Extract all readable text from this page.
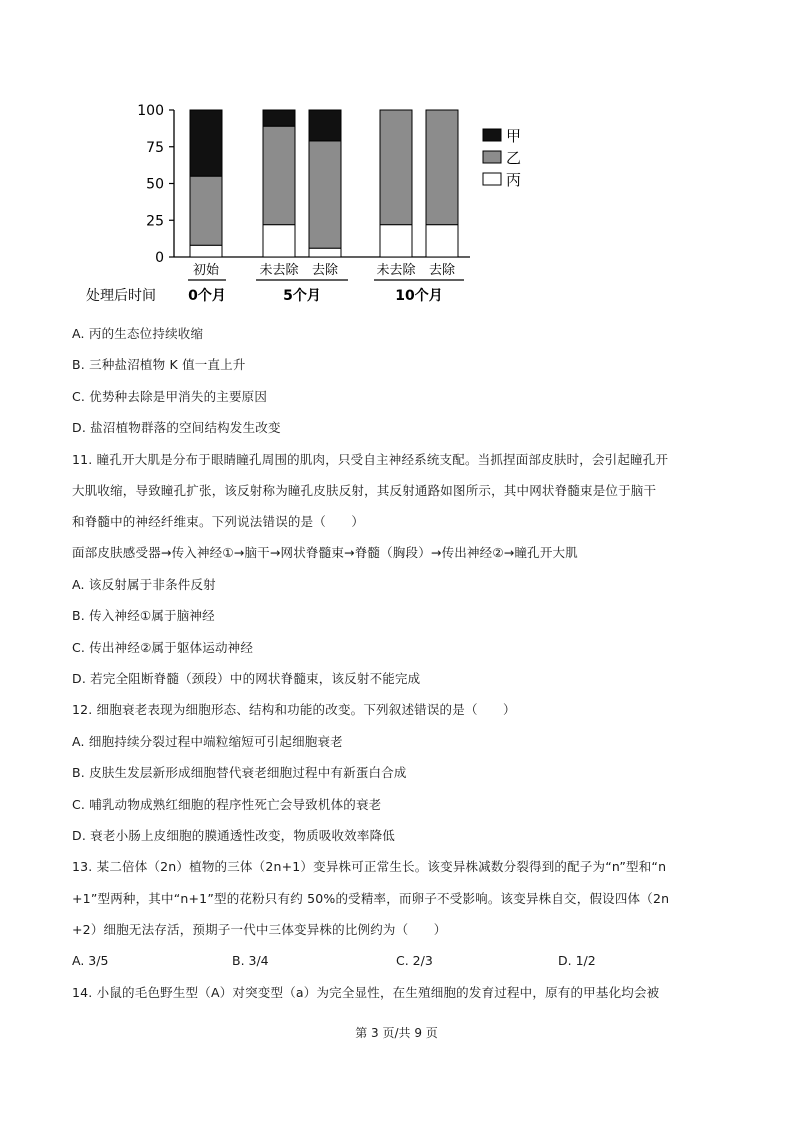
0
25
50
75
100
初始	未去除 去除	未去除 去除
0个月	5个月	10个月
处理后时间
甲
乙
丙
A. 丙的生态位持续收缩
B. 三种盐沼植物 K 值一直上升
C. 优势种去除是甲消失的主要原因
D. 盐沼植物群落的空间结构发生改变
11. 瞳孔开大肌是分布于眼睛瞳孔周围的肌肉，只受自主神经系统支配。当抓捏面部皮肤时，会引起瞳孔开
大肌收缩，导致瞳孔扩张，该反射称为瞳孔皮肤反射，其反射通路如图所示，其中网状脊髓束是位于脑干
和脊髓中的神经纤维束。下列说法错误的是（　　）
面部皮肤感受器→传入神经①→脑干→网状脊髓束→脊髓（胸段）→传出神经②→瞳孔开大肌
A. 该反射属于非条件反射
B. 传入神经①属于脑神经
C. 传出神经②属于躯体运动神经
D. 若完全阻断脊髓（颈段）中的网状脊髓束，该反射不能完成
12. 细胞衰老表现为细胞形态、结构和功能的改变。下列叙述错误的是（　　）
A. 细胞持续分裂过程中端粒缩短可引起细胞衰老
B. 皮肤生发层新形成细胞替代衰老细胞过程中有新蛋白合成
C. 哺乳动物成熟红细胞的程序性死亡会导致机体的衰老
D. 衰老小肠上皮细胞的膜通透性改变，物质吸收效率降低
13. 某二倍体（2n）植物的三体（2n+1）变异株可正常生长。该变异株减数分裂得到的配子为“n”型和“n
+1”型两种，其中“n+1”型的花粉只有约 50%的受精率，而卵子不受影响。该变异株自交，假设四体（2n
+2）细胞无法存活，预期子一代中三体变异株的比例约为（　　）
A. 3/5	B. 3/4	C. 2/3	D. 1/2
14. 小鼠的毛色野生型（A）对突变型（a）为完全显性，在生殖细胞的发育过程中，原有的甲基化均会被
第 3 页/共 9 页
